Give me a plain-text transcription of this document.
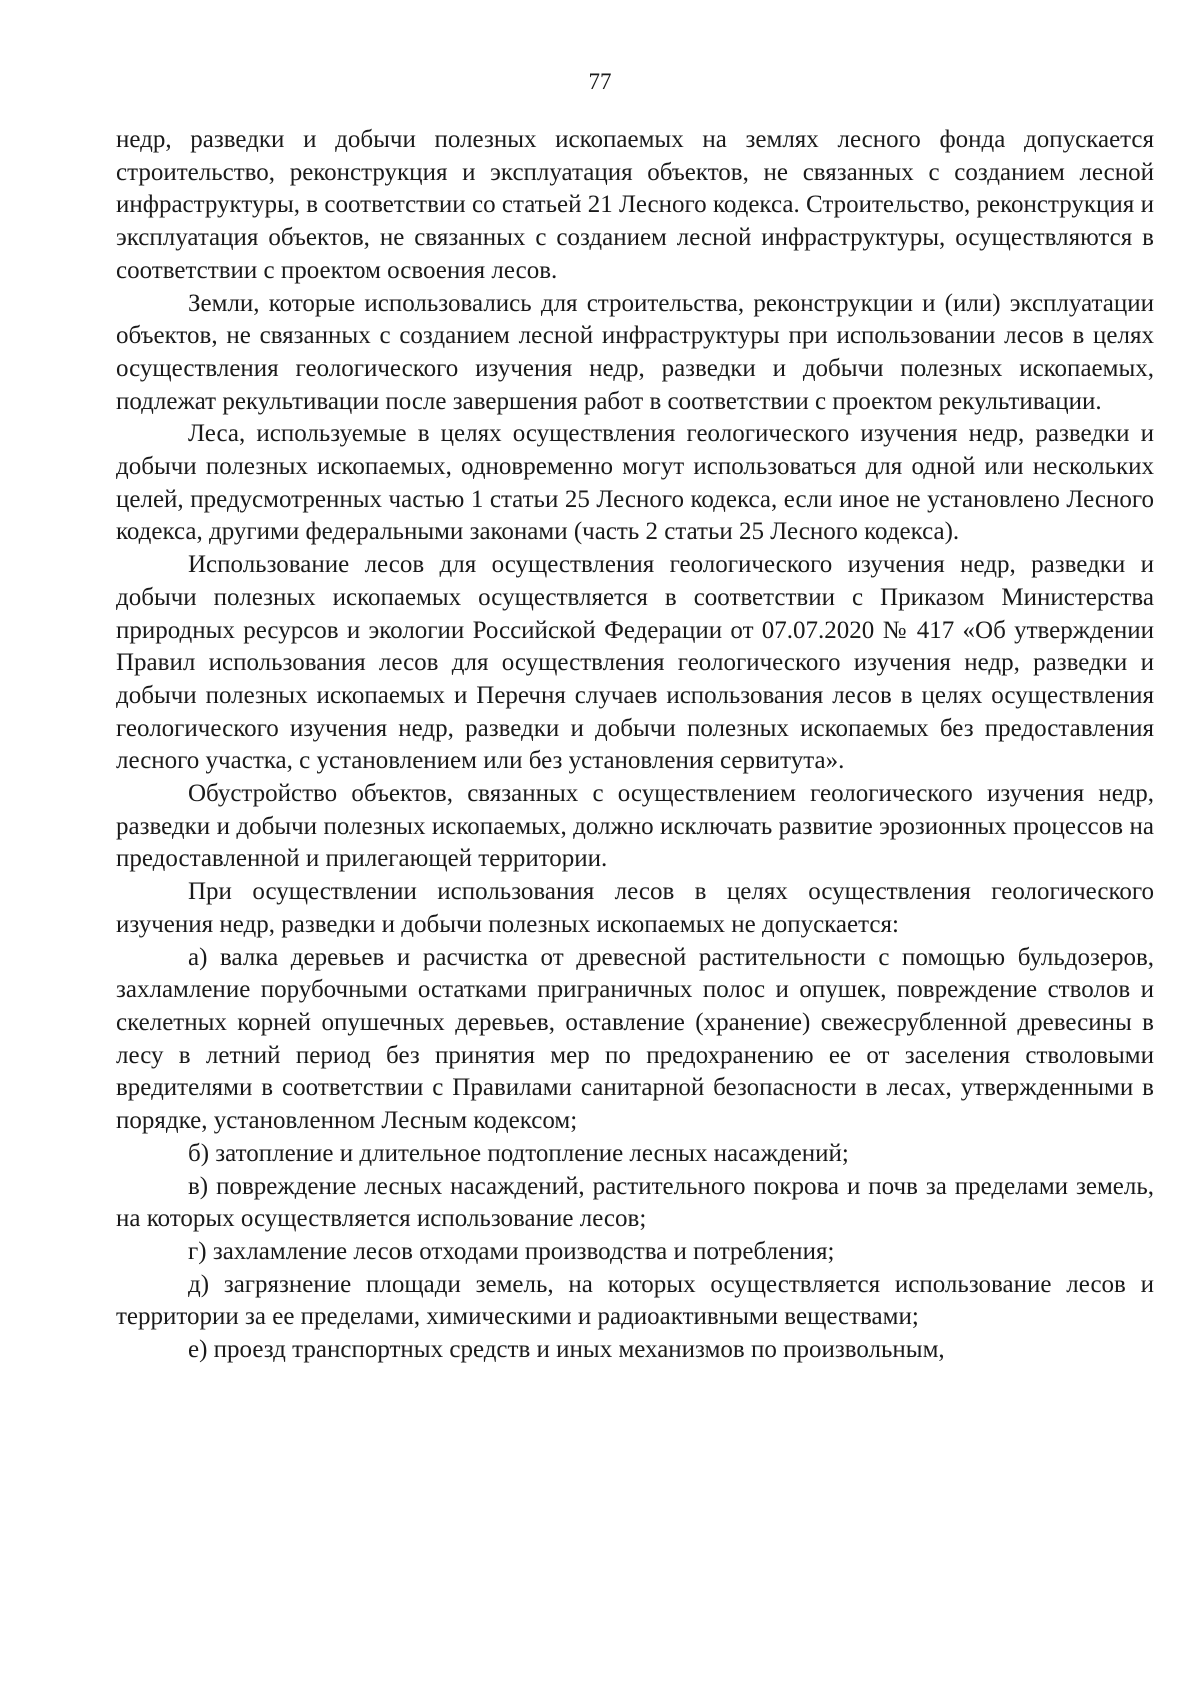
77

недр, разведки и добычи полезных ископаемых на землях лесного фонда допускается строительство, реконструкция и эксплуатация объектов, не связанных с созданием лесной инфраструктуры, в соответствии со статьей 21 Лесного кодекса. Строительство, реконструкция и эксплуатация объектов, не связанных с созданием лесной инфраструктуры, осуществляются в соответствии с проектом освоения лесов.

Земли, которые использовались для строительства, реконструкции и (или) эксплуатации объектов, не связанных с созданием лесной инфраструктуры при использовании лесов в целях осуществления геологического изучения недр, разведки и добычи полезных ископаемых, подлежат рекультивации после завершения работ в соответствии с проектом рекультивации.

Леса, используемые в целях осуществления геологического изучения недр, разведки и добычи полезных ископаемых, одновременно могут использоваться для одной или нескольких целей, предусмотренных частью 1 статьи 25 Лесного кодекса, если иное не установлено Лесного кодекса, другими федеральными законами (часть 2 статьи 25 Лесного кодекса).

Использование лесов для осуществления геологического изучения недр, разведки и добычи полезных ископаемых осуществляется в соответствии с Приказом Министерства природных ресурсов и экологии Российской Федерации от 07.07.2020 № 417 «Об утверждении Правил использования лесов для осуществления геологического изучения недр, разведки и добычи полезных ископаемых и Перечня случаев использования лесов в целях осуществления геологического изучения недр, разведки и добычи полезных ископаемых без предоставления лесного участка, с установлением или без установления сервитута».

Обустройство объектов, связанных с осуществлением геологического изучения недр, разведки и добычи полезных ископаемых, должно исключать развитие эрозионных процессов на предоставленной и прилегающей территории.

При осуществлении использования лесов в целях осуществления геологического изучения недр, разведки и добычи полезных ископаемых не допускается:

а) валка деревьев и расчистка от древесной растительности с помощью бульдозеров, захламление порубочными остатками приграничных полос и опушек, повреждение стволов и скелетных корней опушечных деревьев, оставление (хранение) свежесрубленной древесины в лесу в летний период без принятия мер по предохранению ее от заселения стволовыми вредителями в соответствии с Правилами санитарной безопасности в лесах, утвержденными в порядке, установленном Лесным кодексом;

б) затопление и длительное подтопление лесных насаждений;

в) повреждение лесных насаждений, растительного покрова и почв за пределами земель, на которых осуществляется использование лесов;

г) захламление лесов отходами производства и потребления;

д) загрязнение площади земель, на которых осуществляется использование лесов и территории за ее пределами, химическими и радиоактивными веществами;

е) проезд транспортных средств и иных механизмов по произвольным,
